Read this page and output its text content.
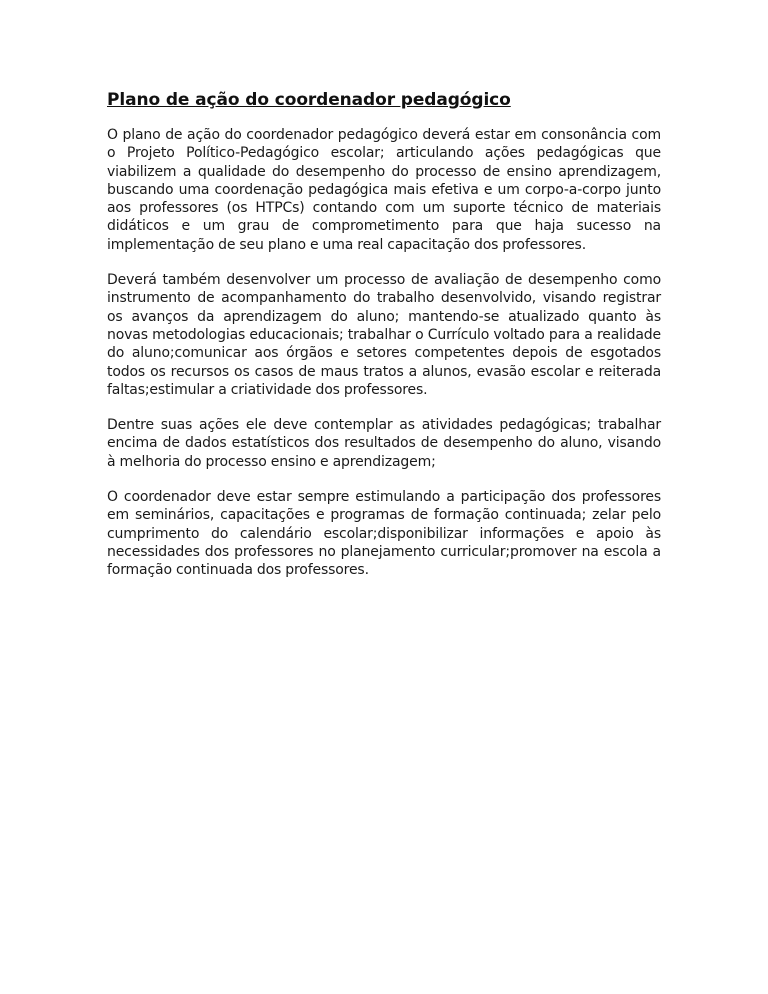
Plano de ação do coordenador pedagógico

O plano de ação do coordenador pedagógico deverá estar em consonância com o Projeto Político-Pedagógico escolar; articulando ações pedagógicas que viabilizem a qualidade do desempenho do processo de ensino aprendizagem, buscando uma coordenação pedagógica mais efetiva e um corpo-a-corpo junto aos professores (os HTPCs) contando com um suporte técnico de materiais didáticos e um grau de comprometimento para que haja sucesso na implementação de seu plano e uma real capacitação dos professores.

Deverá também desenvolver um processo de avaliação de desempenho como instrumento de acompanhamento do trabalho desenvolvido, visando registrar os avanços da aprendizagem do aluno; mantendo-se atualizado quanto às novas metodologias educacionais; trabalhar o Currículo voltado para a realidade do aluno;comunicar aos órgãos e setores competentes depois de esgotados todos os recursos os casos de maus tratos a alunos, evasão escolar e reiterada faltas;estimular a criatividade dos professores.

Dentre suas ações ele deve contemplar as atividades pedagógicas; trabalhar encima de dados estatísticos dos resultados de desempenho do aluno, visando à melhoria do processo ensino e aprendizagem;

O coordenador deve estar sempre estimulando a participação dos professores em seminários, capacitações e programas de formação continuada; zelar pelo cumprimento do calendário escolar;disponibilizar informações e apoio às necessidades dos professores no planejamento curricular;promover na escola a formação continuada dos professores.
